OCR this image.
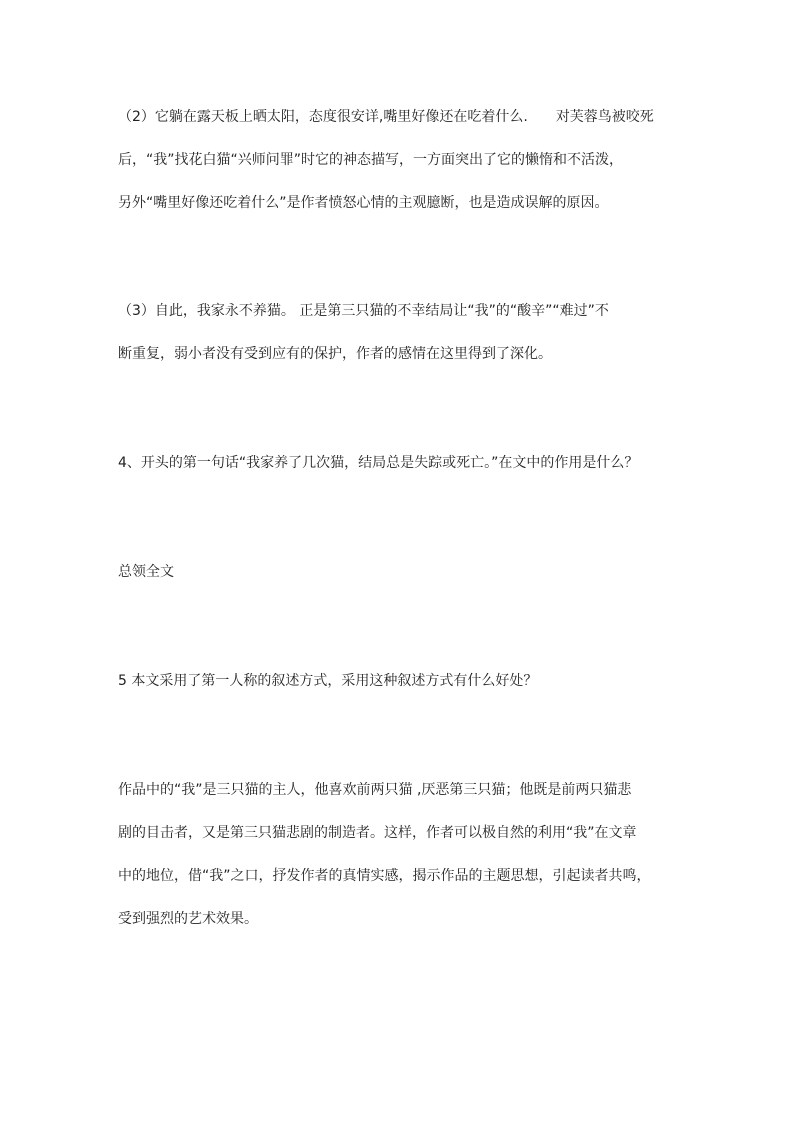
（2）它躺在露天板上晒太阳，态度很安详,嘴里好像还在吃着什么. 对芙蓉鸟被咬死
后，“我”找花白猫“兴师问罪”时它的神态描写，一方面突出了它的懒惰和不活泼，
另外“嘴里好像还吃着什么”是作者愤怒心情的主观臆断，也是造成误解的原因。
（3）自此，我家永不养猫。 正是第三只猫的不幸结局让“我”的“酸辛”“难过”不
断重复，弱小者没有受到应有的保护，作者的感情在这里得到了深化。
4、开头的第一句话“我家养了几次猫，结局总是失踪或死亡。”在文中的作用是什么？
总领全文
5 本文采用了第一人称的叙述方式，采用这种叙述方式有什么好处？
作品中的“我”是三只猫的主人，他喜欢前两只猫 ,厌恶第三只猫；他既是前两只猫悲
剧的目击者，又是第三只猫悲剧的制造者。这样，作者可以极自然的利用“我”在文章
中的地位，借“我”之口，抒发作者的真情实感，揭示作品的主题思想，引起读者共鸣，
受到强烈的艺术效果。
